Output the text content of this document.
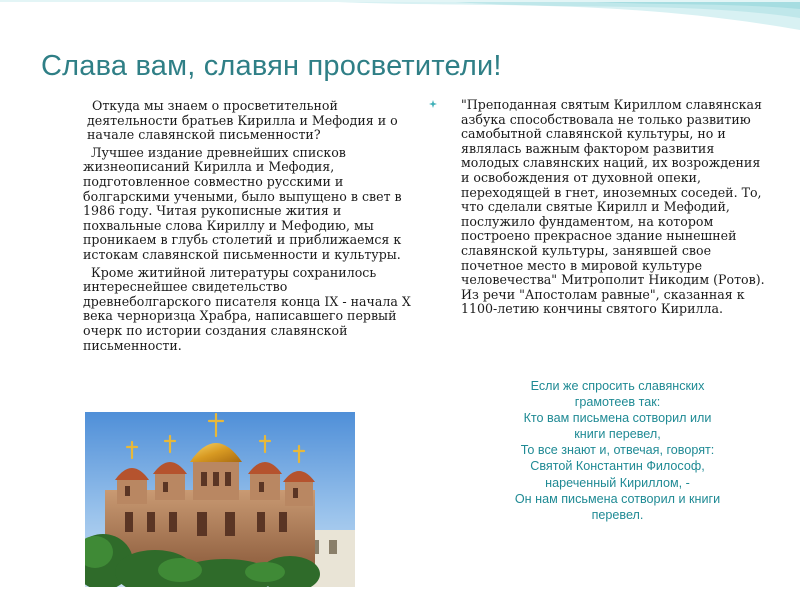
Слава вам, славян просветители!

Откуда мы знаем о просветительной деятельности братьев Кирилла и Мефодия и о начале славянской письменности?

Лучшее издание древнейших списков жизнеописаний Кирилла и Мефодия, подготовленное совместно русскими и болгарскими учеными, было выпущено в свет в 1986 году. Читая рукописные жития и похвальные слова Кириллу и Мефодию, мы проникаем в глубь столетий и приближаемся к истокам славянской письменности и культуры.

Кроме житийной литературы сохранилось интереснейшее свидетельство древнеболгарского писателя конца IX - начала X века черноризца Храбра, написавшего первый очерк по истории создания славянской письменности.

"Преподанная святым Кириллом славянская азбука способствовала не только развитию самобытной славянской культуры, но и являлась важным фактором развития молодых славянских наций, их возрождения и освобождения от духовной опеки, переходящей в гнет, иноземных соседей. То, что сделали святые Кирилл и Мефодий, послужило фундаментом, на котором построено прекрасное здание нынешней славянской культуры, занявшей свое почетное место в мировой культуре человечества" Митрополит Никодим (Ротов). Из речи "Апостолам равные", сказанная к 1100-летию кончины святого Кирилла.

Если же спросить славянских
грамотеев так:
Кто вам письмена сотворил или
книги перевел,
То все знают и, отвечая, говорят:
Святой Константин Философ,
нареченный Кириллом, -
Он нам письмена сотворил и книги
перевел.
